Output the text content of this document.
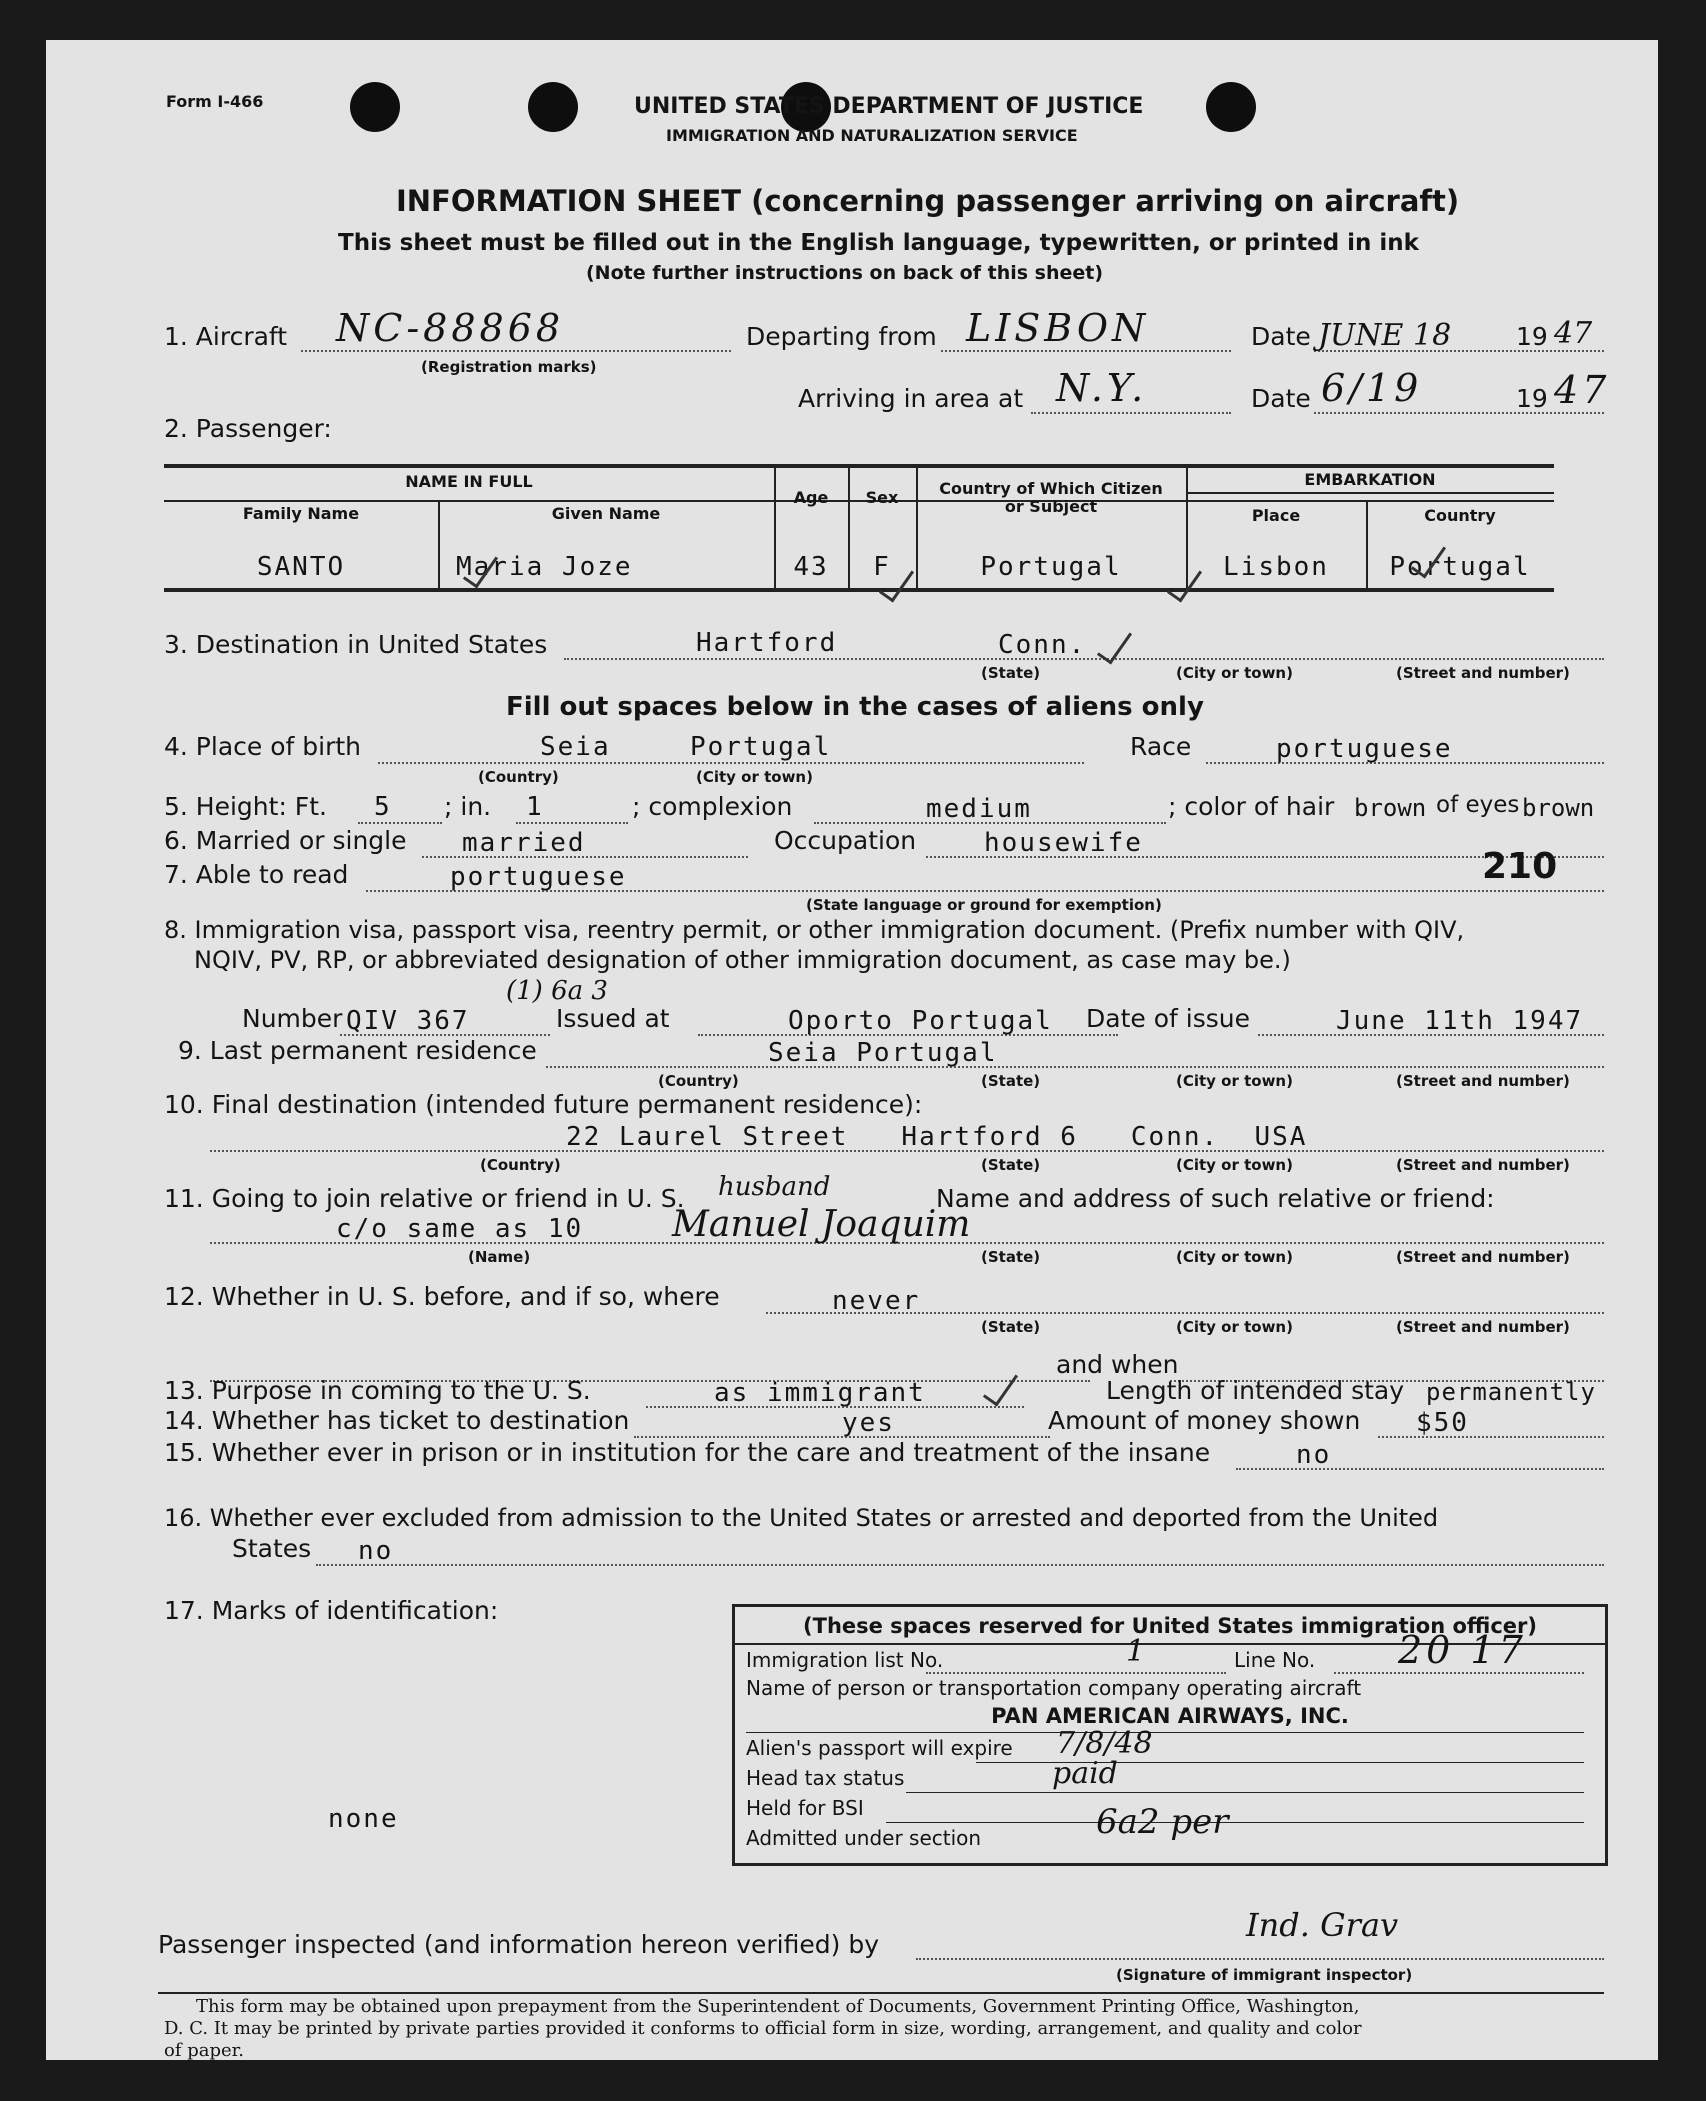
Form I-466	UNITED STATES DEPARTMENT OF JUSTICE
IMMIGRATION AND NATURALIZATION SERVICE
INFORMATION SHEET (concerning passenger arriving on aircraft)
This sheet must be filled out in the English language, typewritten, or printed in ink
(Note further instructions on back of this sheet)
1. Aircraft NC-88868
(Registration marks)
Departing from LISBON	Date JUNE 18	19 47
Arriving in area at N.Y.	Date 6/19	19 47
2. Passenger:
NAME IN FULL
Family Name	Given Name
Age	Sex	Country of Which Citizen or Subject
EMBARKATION
Place	Country
SANTO	Maria Joze	43	F	Portugal	Lisbon	Portugal
3. Destination in United States	Hartford	Conn.
(State)	(City or town)	(Street and number)
Fill out spaces below in the cases of aliens only
4. Place of birth	Seia	Portugal
(Country)	(City or town)
Race	portuguese
5. Height: Ft. 5 ; in. 1	; complexion	medium	; color of hair brown of eyes brown
6. Married or single married	Occupation	housewife
7. Able to read	portuguese
(State language or ground for exemption)
210
8. Immigration visa, passport visa, reentry permit, or other immigration document. (Prefix number with QIV,
NQIV, PV, RP, or abbreviated designation of other immigration document, as case may be.)
Number QIV 367
(1) 6a 3
Issued at	Oporto Portugal Date of issue	June 11th 1947
9. Last permanent residence	Seia Portugal
(Country)	(State)	(City or town)	(Street and number)
10. Final destination (intended future permanent residence):
22 Laurel Street   Hartford 6   Conn.  USA
(Country)	(State)	(City or town)	(Street and number)
11. Going to join relative or friend in U. S. husband	Name and address of such relative or friend:
c/o same as 10 Manuel Joaquim
(Name)	(State)	(City or town)	(Street and number)
12. Whether in U. S. before, and if so, where	never
(State)	(City or town)	(Street and number)
and when
13. Purpose in coming to the U. S.	as immigrant	Length of intended stay permanently
14. Whether has ticket to destination	yes	Amount of money shown $50
15. Whether ever in prison or in institution for the care and treatment of the insane	no
16. Whether ever excluded from admission to the United States or arrested and deported from the United
States no
17. Marks of identification:
none
(These spaces reserved for United States immigration officer)
Immigration list No.	1	Line No. 20 17
Name of person or transportation company operating aircraft
PAN AMERICAN AIRWAYS, INC.
Alien's passport will expire 7/8/48
Head tax status	paid
Held for BSI
Admitted under section	6a2 per
Passenger inspected (and information hereon verified) by
Ind. Grav
(Signature of immigrant inspector)
This form may be obtained upon prepayment from the Superintendent of Documents, Government Printing Office, Washington,
D. C. It may be printed by private parties provided it conforms to official form in size, wording, arrangement, and quality and color
of paper.
